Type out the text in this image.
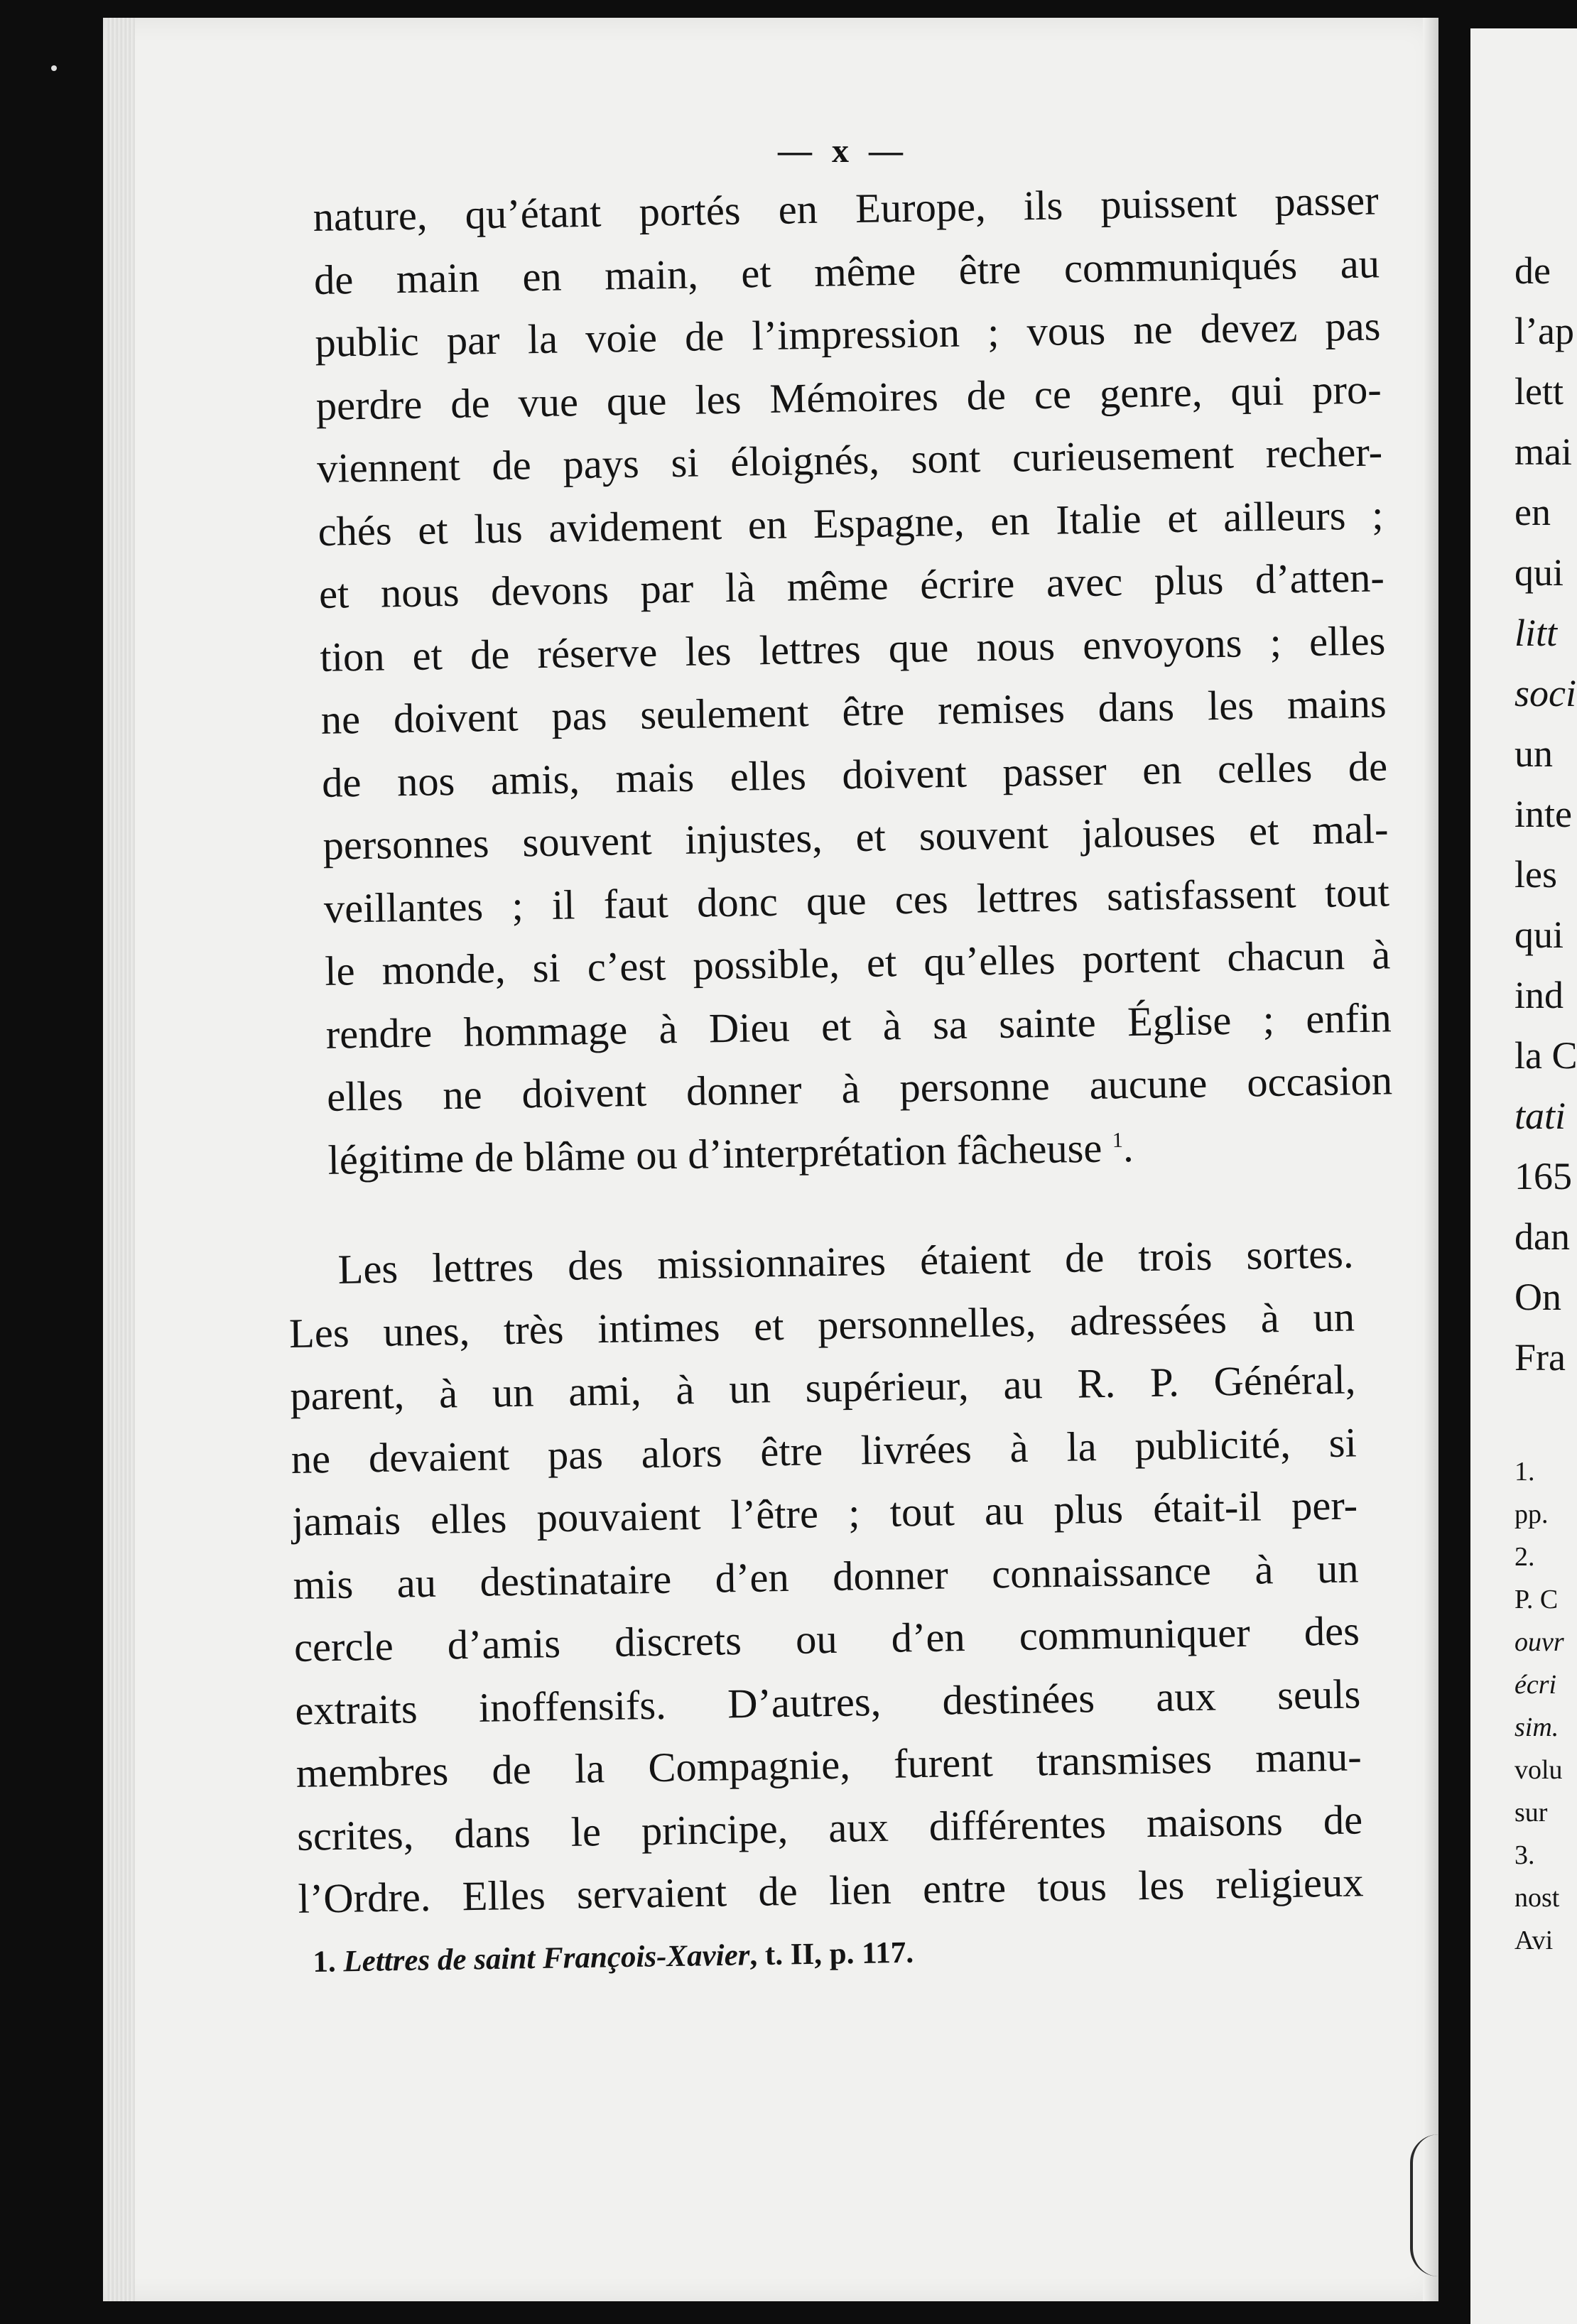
— x —
nature, qu’étant portés en Europe, ils puissent passer
de main en main, et même être communiqués au
public par la voie de l’impression ; vous ne devez pas
perdre de vue que les Mémoires de ce genre, qui pro-
viennent de pays si éloignés, sont curieusement recher-
chés et lus avidement en Espagne, en Italie et ailleurs ;
et nous devons par là même écrire avec plus d’atten-
tion et de réserve les lettres que nous envoyons ; elles
ne doivent pas seulement être remises dans les mains
de nos amis, mais elles doivent passer en celles de
personnes souvent injustes, et souvent jalouses et mal-
veillantes ; il faut donc que ces lettres satisfassent tout
le monde, si c’est possible, et qu’elles portent chacun à
rendre hommage à Dieu et à sa sainte Église ; enfin
elles ne doivent donner à personne aucune occasion
légitime de blâme ou d’interprétation fâcheuse $^1$.
Les lettres des missionnaires étaient de trois sortes.
Les unes, très intimes et personnelles, adressées à un
parent, à un ami, à un supérieur, au R. P. Général,
ne devaient pas alors être livrées à la publicité, si
jamais elles pouvaient l’être ; tout au plus était-il per-
mis au destinataire d’en donner connaissance à un
cercle d’amis discrets ou d’en communiquer des
extraits inoffensifs. D’autres, destinées aux seuls
membres de la Compagnie, furent transmises manu-
scrites, dans le principe, aux différentes maisons de
l’Ordre. Elles servaient de lien entre tous les religieux
1. Lettres de saint François-Xavier, t. II, p. 117.
de
l’ap
lett
mai
en
qui
litt
soci
un
inte
les
qui
ind
la C
tati
165
dan
On
Fra
1.
pp.
2.
P. C
ouvr
écri
sim.
volu
sur
3.
nost
Avi
